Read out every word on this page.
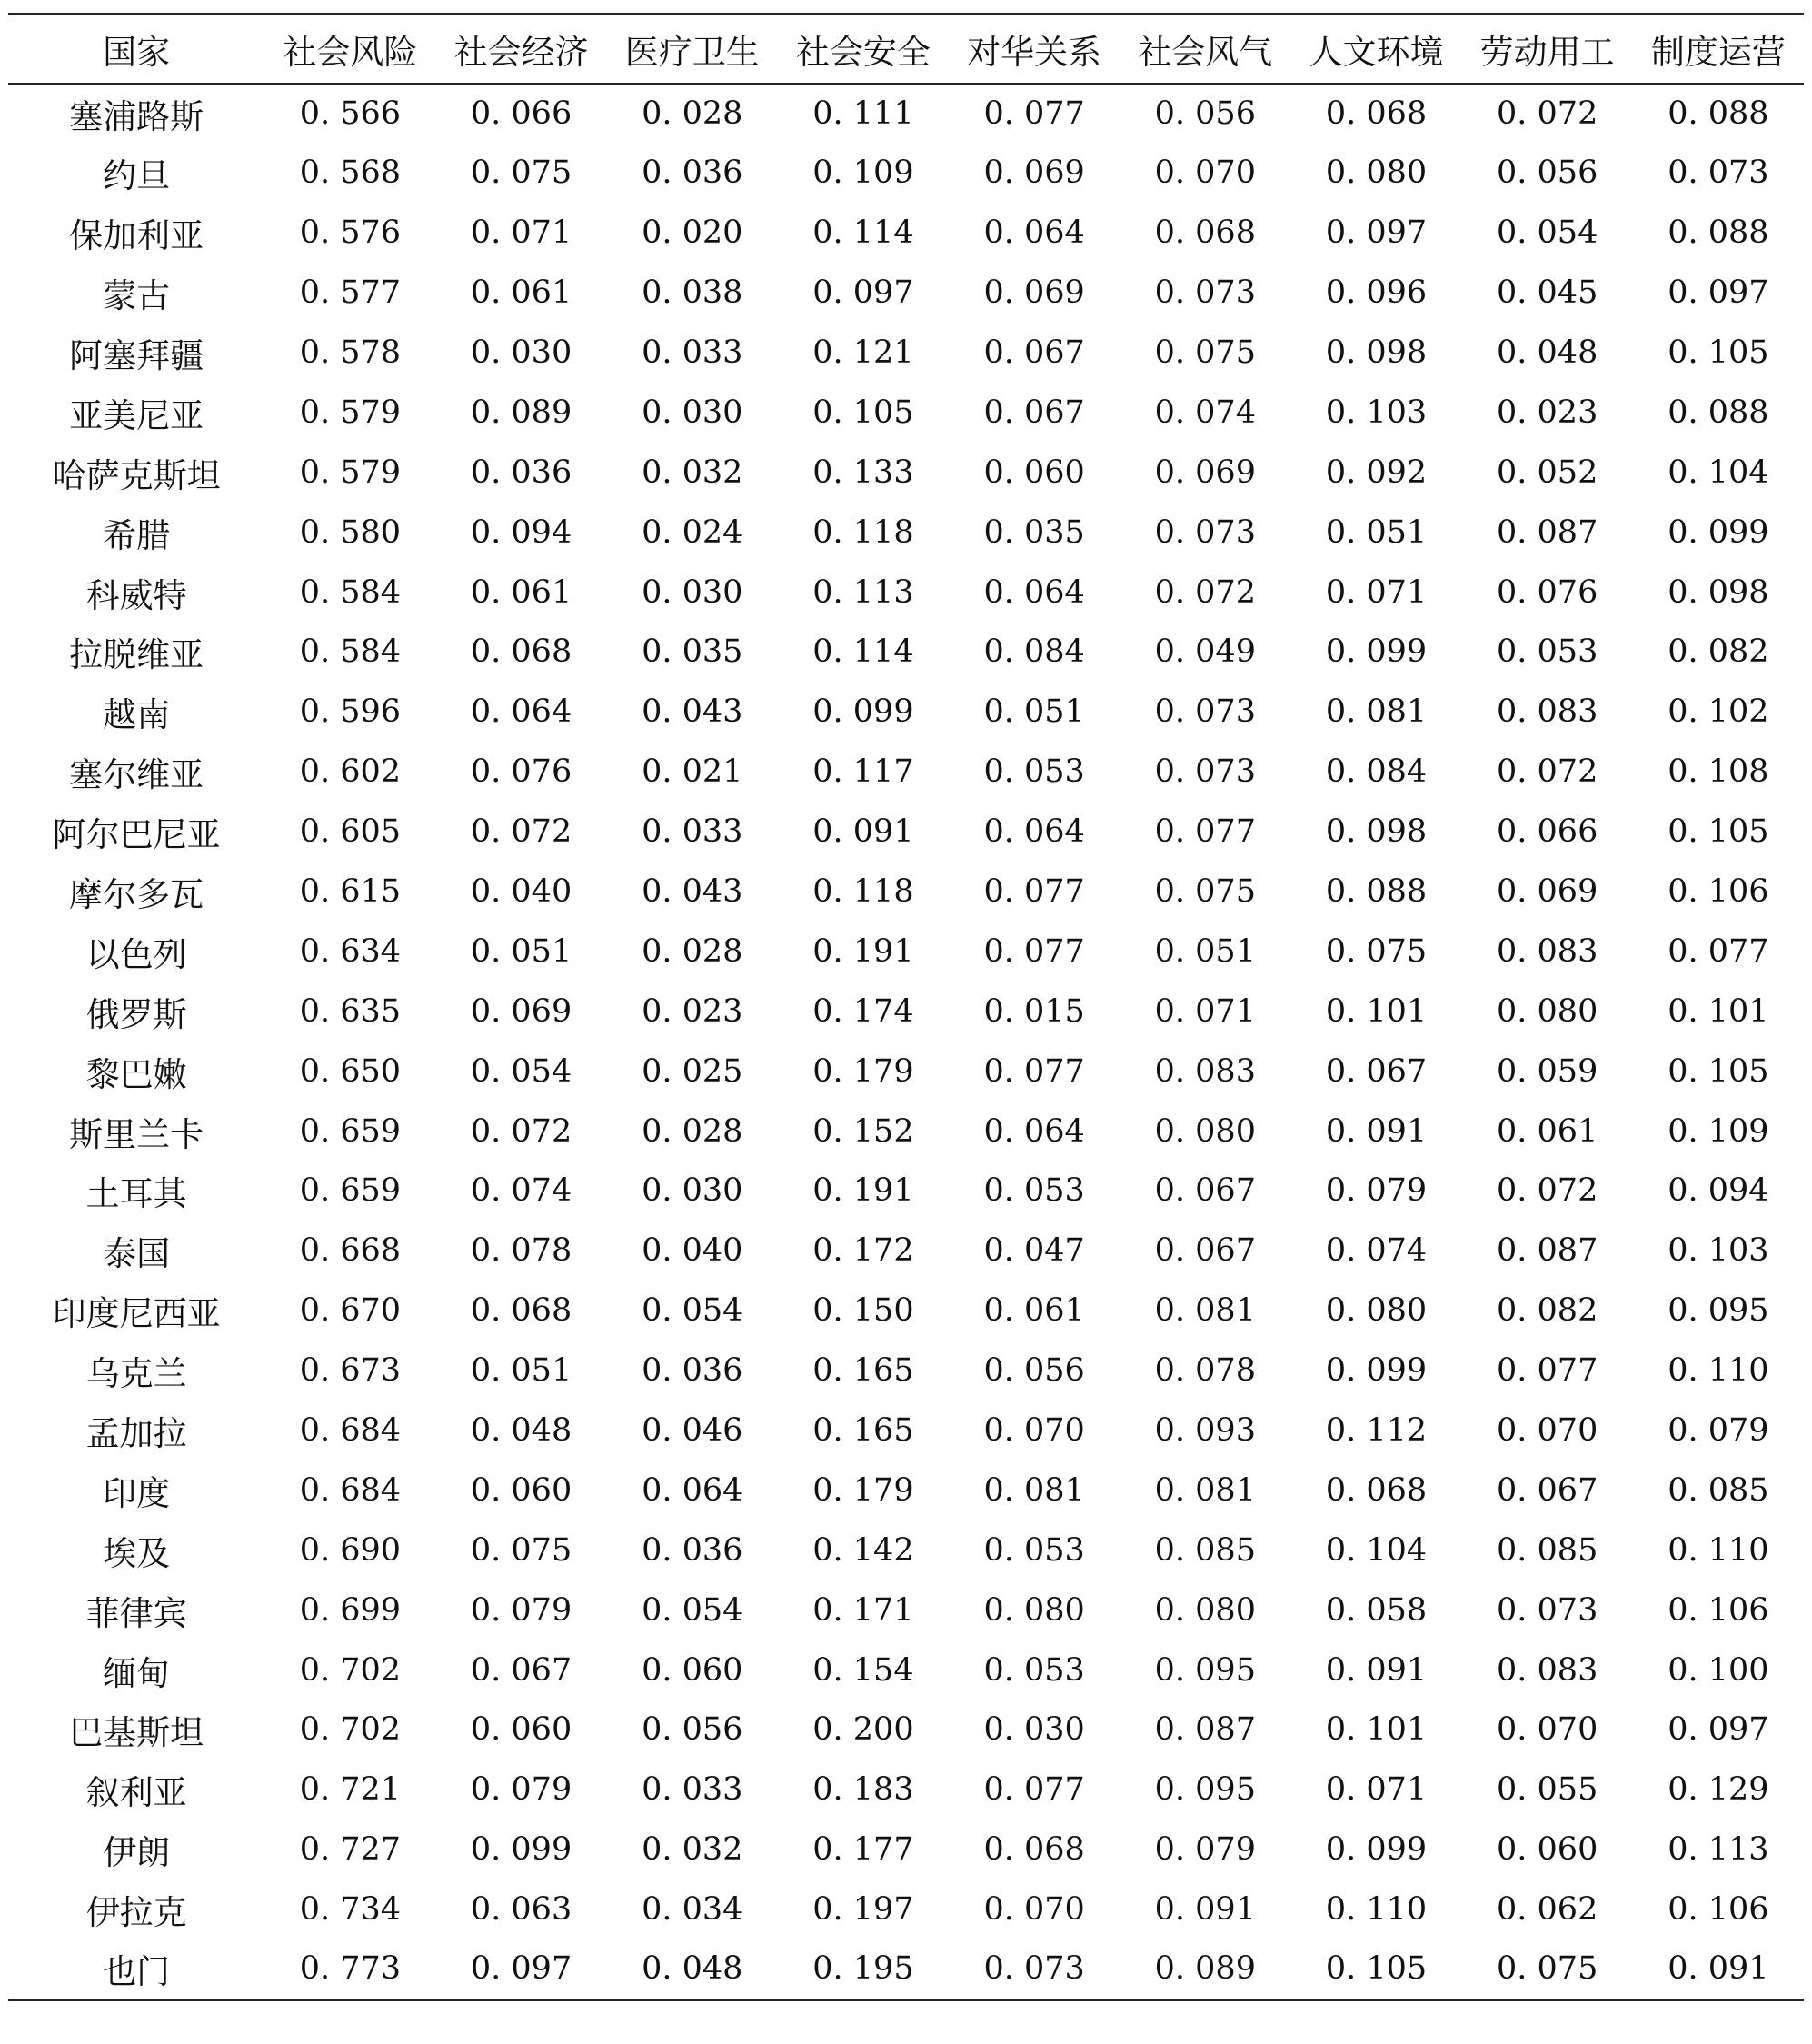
国家	社会风险	社会经济	医疗卫生	社会安全	对华关系	社会风气	人文环境	劳动用工	制度运营
塞浦路斯	0. 566	0. 066	0. 028	0. 111	0. 077	0. 056	0. 068	0. 072	0. 088
约旦	0. 568	0. 075	0. 036	0. 109	0. 069	0. 070	0. 080	0. 056	0. 073
保加利亚	0. 576	0. 071	0. 020	0. 114	0. 064	0. 068	0. 097	0. 054	0. 088
蒙古	0. 577	0. 061	0. 038	0. 097	0. 069	0. 073	0. 096	0. 045	0. 097
阿塞拜疆	0. 578	0. 030	0. 033	0. 121	0. 067	0. 075	0. 098	0. 048	0. 105
亚美尼亚	0. 579	0. 089	0. 030	0. 105	0. 067	0. 074	0. 103	0. 023	0. 088
哈萨克斯坦	0. 579	0. 036	0. 032	0. 133	0. 060	0. 069	0. 092	0. 052	0. 104
希腊	0. 580	0. 094	0. 024	0. 118	0. 035	0. 073	0. 051	0. 087	0. 099
科威特	0. 584	0. 061	0. 030	0. 113	0. 064	0. 072	0. 071	0. 076	0. 098
拉脱维亚	0. 584	0. 068	0. 035	0. 114	0. 084	0. 049	0. 099	0. 053	0. 082
越南	0. 596	0. 064	0. 043	0. 099	0. 051	0. 073	0. 081	0. 083	0. 102
塞尔维亚	0. 602	0. 076	0. 021	0. 117	0. 053	0. 073	0. 084	0. 072	0. 108
阿尔巴尼亚	0. 605	0. 072	0. 033	0. 091	0. 064	0. 077	0. 098	0. 066	0. 105
摩尔多瓦	0. 615	0. 040	0. 043	0. 118	0. 077	0. 075	0. 088	0. 069	0. 106
以色列	0. 634	0. 051	0. 028	0. 191	0. 077	0. 051	0. 075	0. 083	0. 077
俄罗斯	0. 635	0. 069	0. 023	0. 174	0. 015	0. 071	0. 101	0. 080	0. 101
黎巴嫩	0. 650	0. 054	0. 025	0. 179	0. 077	0. 083	0. 067	0. 059	0. 105
斯里兰卡	0. 659	0. 072	0. 028	0. 152	0. 064	0. 080	0. 091	0. 061	0. 109
土耳其	0. 659	0. 074	0. 030	0. 191	0. 053	0. 067	0. 079	0. 072	0. 094
泰国	0. 668	0. 078	0. 040	0. 172	0. 047	0. 067	0. 074	0. 087	0. 103
印度尼西亚	0. 670	0. 068	0. 054	0. 150	0. 061	0. 081	0. 080	0. 082	0. 095
乌克兰	0. 673	0. 051	0. 036	0. 165	0. 056	0. 078	0. 099	0. 077	0. 110
孟加拉	0. 684	0. 048	0. 046	0. 165	0. 070	0. 093	0. 112	0. 070	0. 079
印度	0. 684	0. 060	0. 064	0. 179	0. 081	0. 081	0. 068	0. 067	0. 085
埃及	0. 690	0. 075	0. 036	0. 142	0. 053	0. 085	0. 104	0. 085	0. 110
菲律宾	0. 699	0. 079	0. 054	0. 171	0. 080	0. 080	0. 058	0. 073	0. 106
缅甸	0. 702	0. 067	0. 060	0. 154	0. 053	0. 095	0. 091	0. 083	0. 100
巴基斯坦	0. 702	0. 060	0. 056	0. 200	0. 030	0. 087	0. 101	0. 070	0. 097
叙利亚	0. 721	0. 079	0. 033	0. 183	0. 077	0. 095	0. 071	0. 055	0. 129
伊朗	0. 727	0. 099	0. 032	0. 177	0. 068	0. 079	0. 099	0. 060	0. 113
伊拉克	0. 734	0. 063	0. 034	0. 197	0. 070	0. 091	0. 110	0. 062	0. 106
也门	0. 773	0. 097	0. 048	0. 195	0. 073	0. 089	0. 105	0. 075	0. 091
